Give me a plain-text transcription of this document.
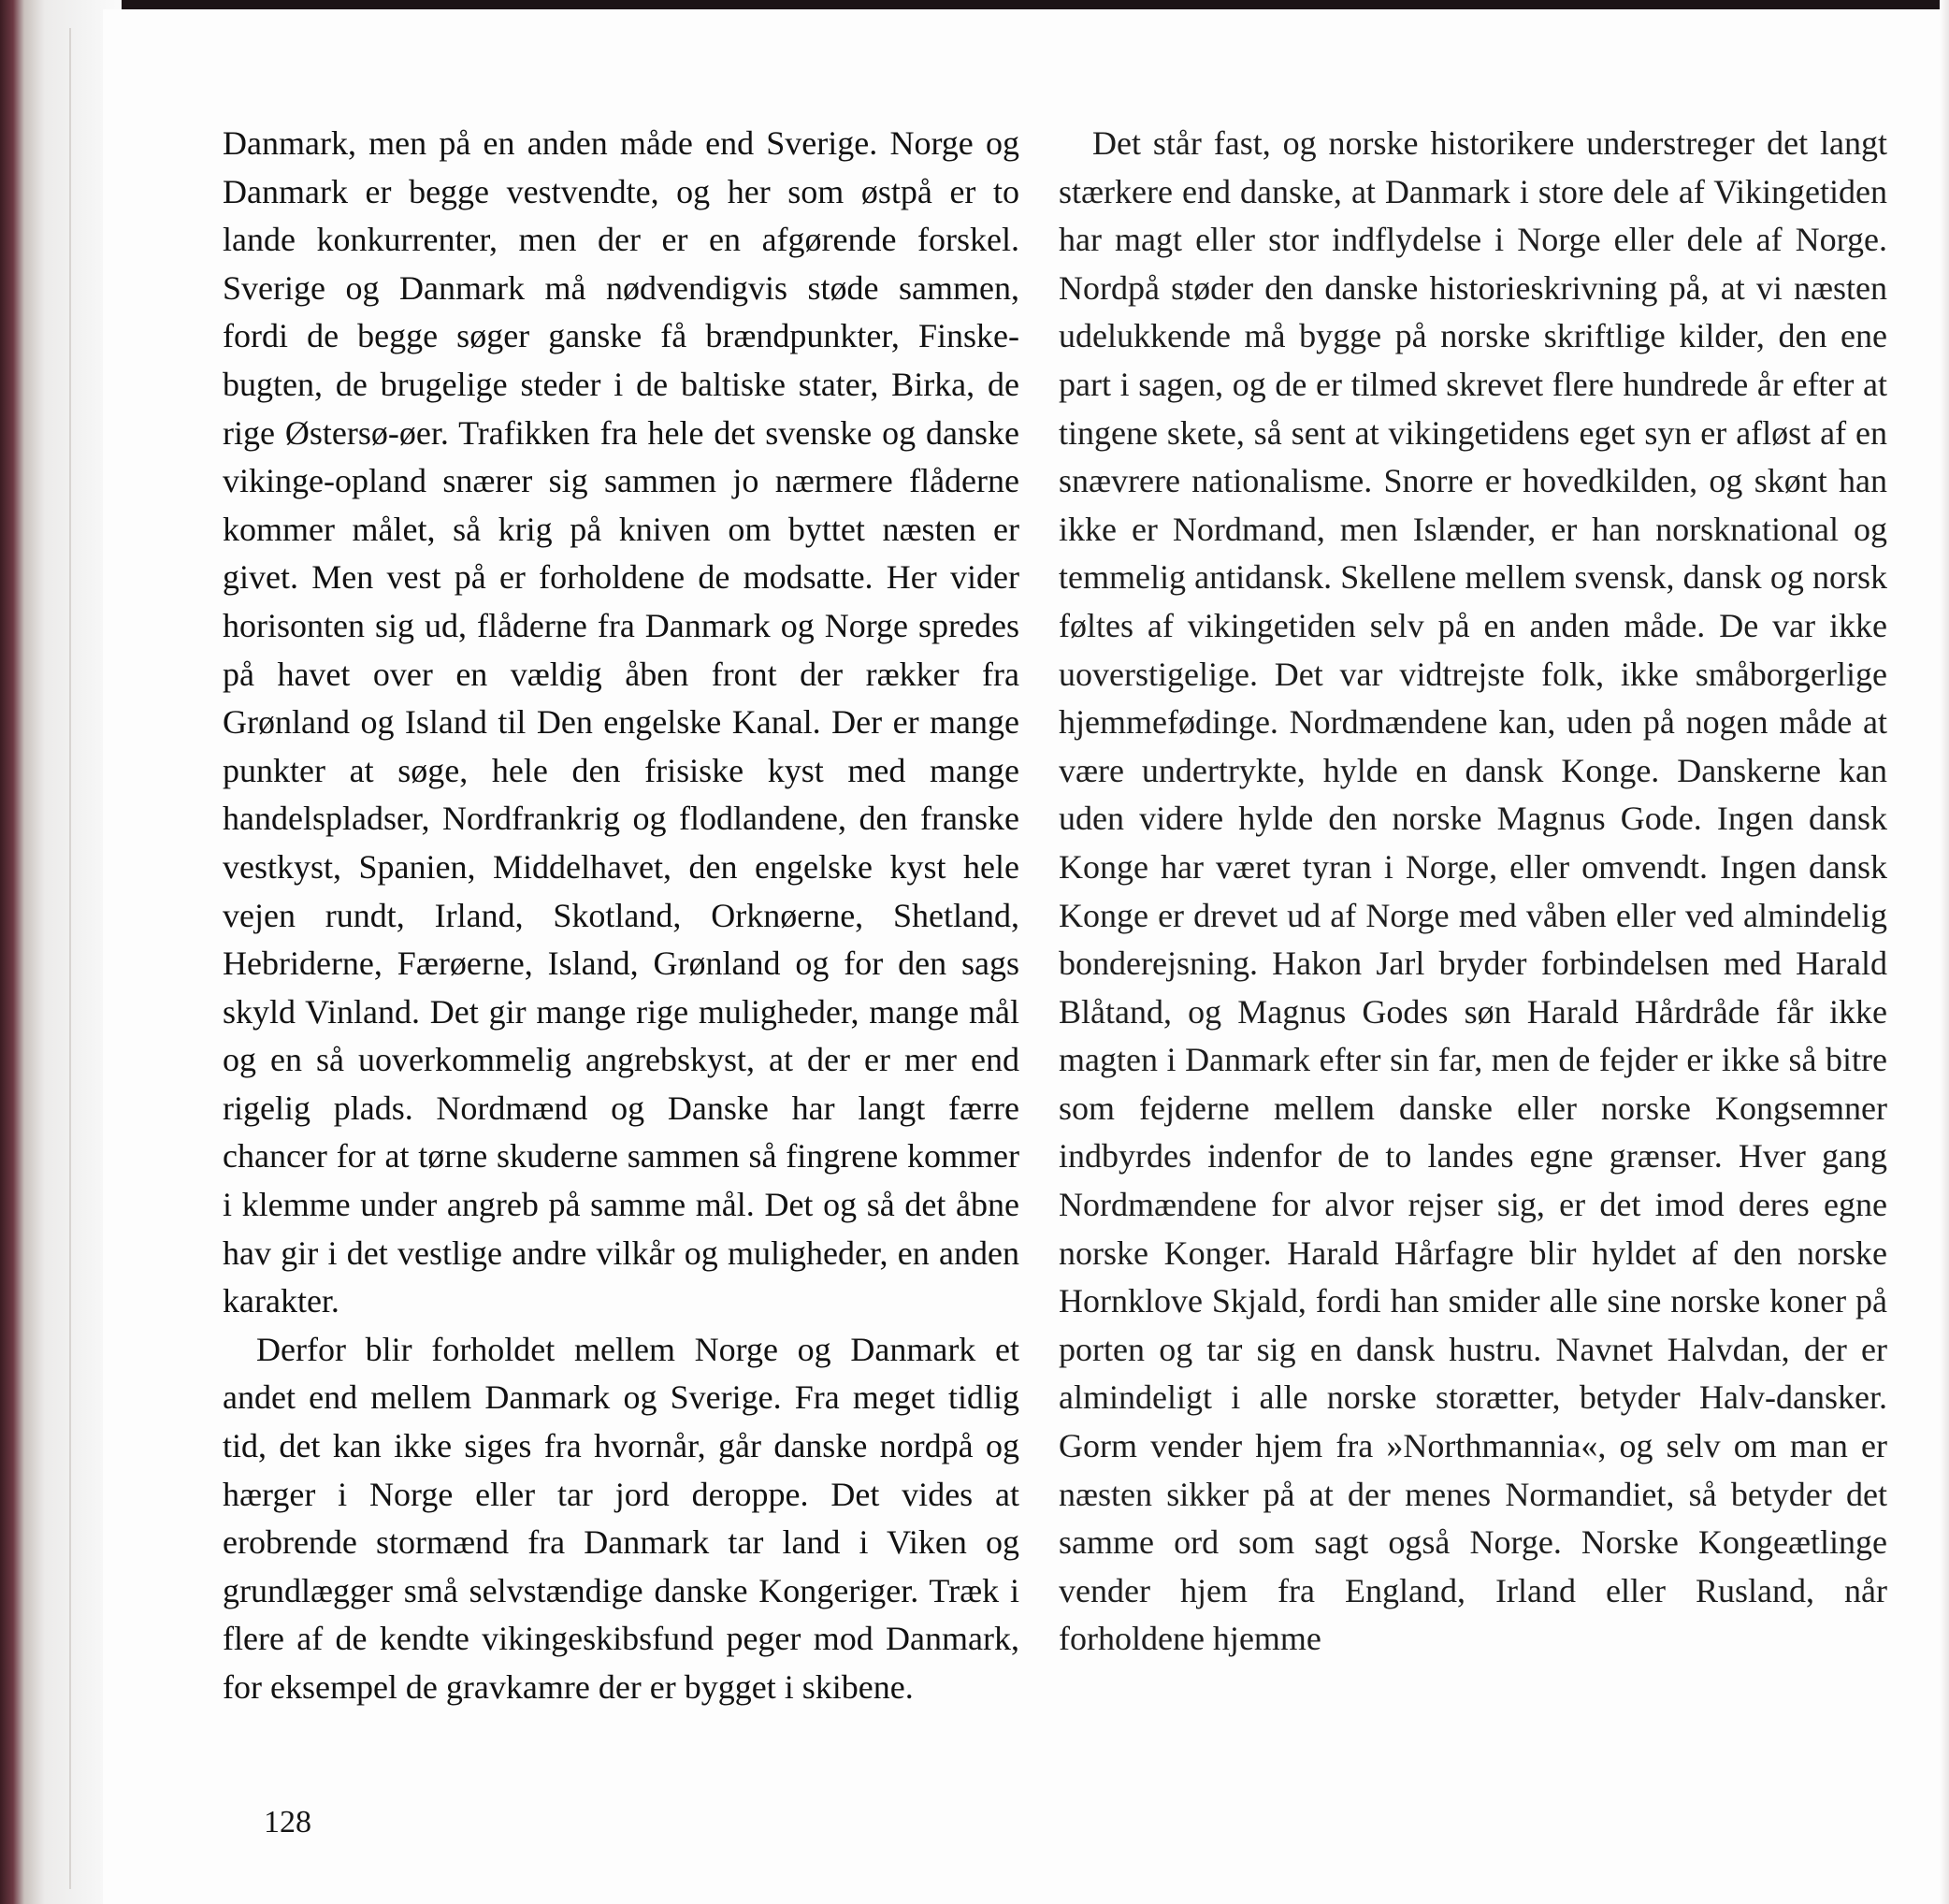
Danmark, men på en anden måde end Sverige. Norge og Danmark er begge vestvendte, og her som østpå er to lande konkurrenter, men der er en afgørende forskel. Sverige og Danmark må nødvendigvis støde sammen, fordi de begge søger ganske få brændpunkter, Finskebugten, de brugelige steder i de baltiske stater, Birka, de rige Østersø-øer. Trafikken fra hele det svenske og danske vikinge-opland snærer sig sammen jo nærmere flåderne kommer målet, så krig på kniven om byttet næsten er givet. Men vest på er forholdene de modsatte. Her vider horisonten sig ud, flåderne fra Danmark og Norge spredes på havet over en vældig åben front der rækker fra Grønland og Island til Den engelske Kanal. Der er mange punkter at søge, hele den frisiske kyst med mange handelspladser, Nordfrankrig og flodlandene, den franske vestkyst, Spanien, Middelhavet, den engelske kyst hele vejen rundt, Irland, Skotland, Orknøerne, Shetland, Hebriderne, Færøerne, Island, Grønland og for den sags skyld Vinland. Det gir mange rige muligheder, mange mål og en så uoverkommelig angrebskyst, at der er mer end rigelig plads. Nordmænd og Danske har langt færre chancer for at tørne skuderne sammen så fingrene kommer i klemme under angreb på samme mål. Det og så det åbne hav gir i det vestlige andre vilkår og muligheder, en anden karakter.

Derfor blir forholdet mellem Norge og Danmark et andet end mellem Danmark og Sverige. Fra meget tidlig tid, det kan ikke siges fra hvornår, går danske nordpå og hærger i Norge eller tar jord deroppe. Det vides at erobrende stormænd fra Danmark tar land i Viken og grundlægger små selvstændige danske Kongeriger. Træk i flere af de kendte vikingeskibsfund peger mod Danmark, for eksempel de gravkamre der er bygget i skibene.

Det står fast, og norske historikere understreger det langt stærkere end danske, at Danmark i store dele af Vikingetiden har magt eller stor indflydelse i Norge eller dele af Norge. Nordpå støder den danske historieskrivning på, at vi næsten udelukkende må bygge på norske skriftlige kilder, den ene part i sagen, og de er tilmed skrevet flere hundrede år efter at tingene skete, så sent at vikingetidens eget syn er afløst af en snævrere nationalisme. Snorre er hovedkilden, og skønt han ikke er Nordmand, men Islænder, er han norsknational og temmelig antidansk. Skellene mellem svensk, dansk og norsk føltes af vikingetiden selv på en anden måde. De var ikke uoverstigelige. Det var vidtrejste folk, ikke småborgerlige hjemmefødinge. Nordmændene kan, uden på nogen måde at være undertrykte, hylde en dansk Konge. Danskerne kan uden videre hylde den norske Magnus Gode. Ingen dansk Konge har været tyran i Norge, eller omvendt. Ingen dansk Konge er drevet ud af Norge med våben eller ved almindelig bonderejsning. Hakon Jarl bryder forbindelsen med Harald Blåtand, og Magnus Godes søn Harald Hårdråde får ikke magten i Danmark efter sin far, men de fejder er ikke så bitre som fejderne mellem danske eller norske Kongsemner indbyrdes indenfor de to landes egne grænser. Hver gang Nordmændene for alvor rejser sig, er det imod deres egne norske Konger. Harald Hårfagre blir hyldet af den norske Hornklove Skjald, fordi han smider alle sine norske koner på porten og tar sig en dansk hustru. Navnet Halvdan, der er almindeligt i alle norske storætter, betyder Halv-dansker. Gorm vender hjem fra »Northmannia«, og selv om man er næsten sikker på at der menes Normandiet, så betyder det samme ord som sagt også Norge. Norske Kongeætlinge vender hjem fra England, Irland eller Rusland, når forholdene hjemme

128
